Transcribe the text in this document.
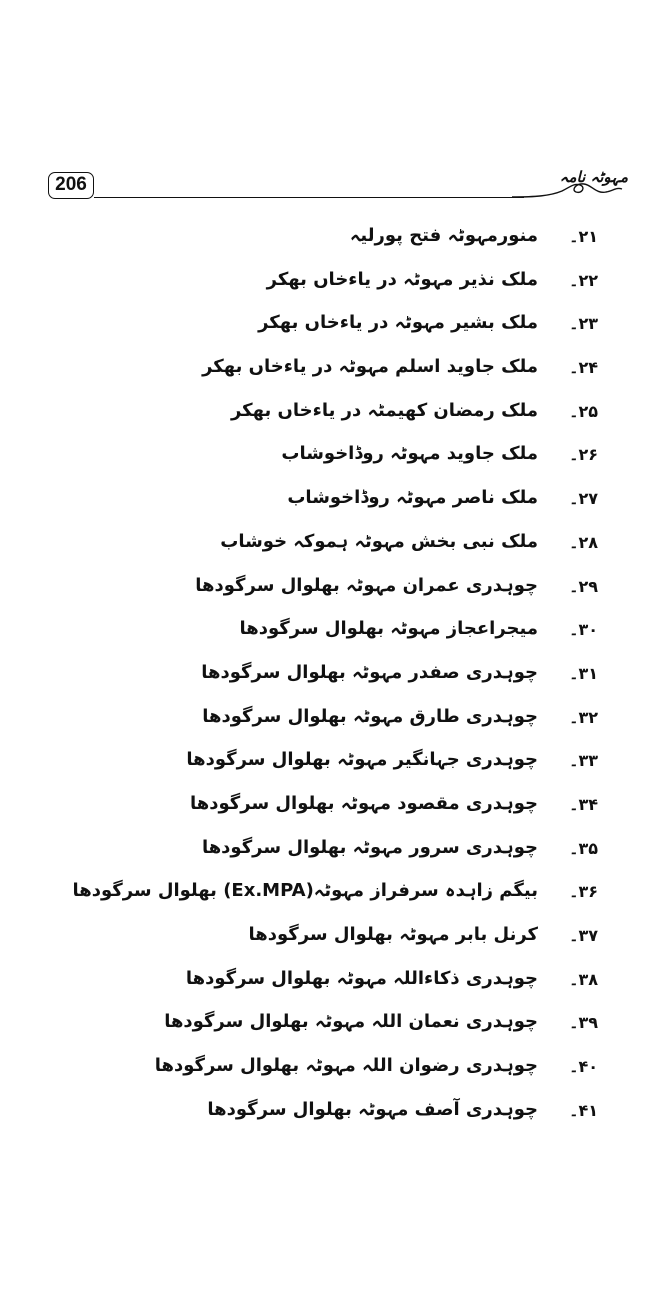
206	مہوٹہ نامہ
۲۱۔
منورمہوٹہ فتح پورلیہ
۲۲۔
ملک نذیر مہوٹہ در یاءخاں بھکر
۲۳۔
ملک بشیر مہوٹہ در یاءخاں بھکر
۲۴۔
ملک جاوید اسلم مہوٹہ در یاءخاں بھکر
۲۵۔
ملک رمضان کھیمٹہ در یاءخاں بھکر
۲۶۔
ملک جاوید مہوٹہ روڈاخوشاب
۲۷۔
ملک ناصر مہوٹہ روڈاخوشاب
۲۸۔
ملک نبی بخش مہوٹہ ہموکہ خوشاب
۲۹۔
چوہدری عمران مہوٹہ بھلوال سرگودھا
۳۰۔
میجراعجاز مہوٹہ بھلوال سرگودھا
۳۱۔
چوہدری صفدر مہوٹہ بھلوال سرگودھا
۳۲۔
چوہدری طارق مہوٹہ بھلوال سرگودھا
۳۳۔
چوہدری جہانگیر مہوٹہ بھلوال سرگودھا
۳۴۔
چوہدری مقصود مہوٹہ بھلوال سرگودھا
۳۵۔
چوہدری سرور مہوٹہ بھلوال سرگودھا
۳۶۔
بیگم زاہدہ سرفراز مہوٹہ(Ex.MPA) بھلوال سرگودھا
۳۷۔
کرنل بابر مہوٹہ بھلوال سرگودھا
۳۸۔
چوہدری ذکاءاللہ مہوٹہ بھلوال سرگودھا
۳۹۔
چوہدری نعمان اللہ مہوٹہ بھلوال سرگودھا
۴۰۔
چوہدری رضوان اللہ مہوٹہ بھلوال سرگودھا
۴۱۔
چوہدری آصف مہوٹہ بھلوال سرگودھا
